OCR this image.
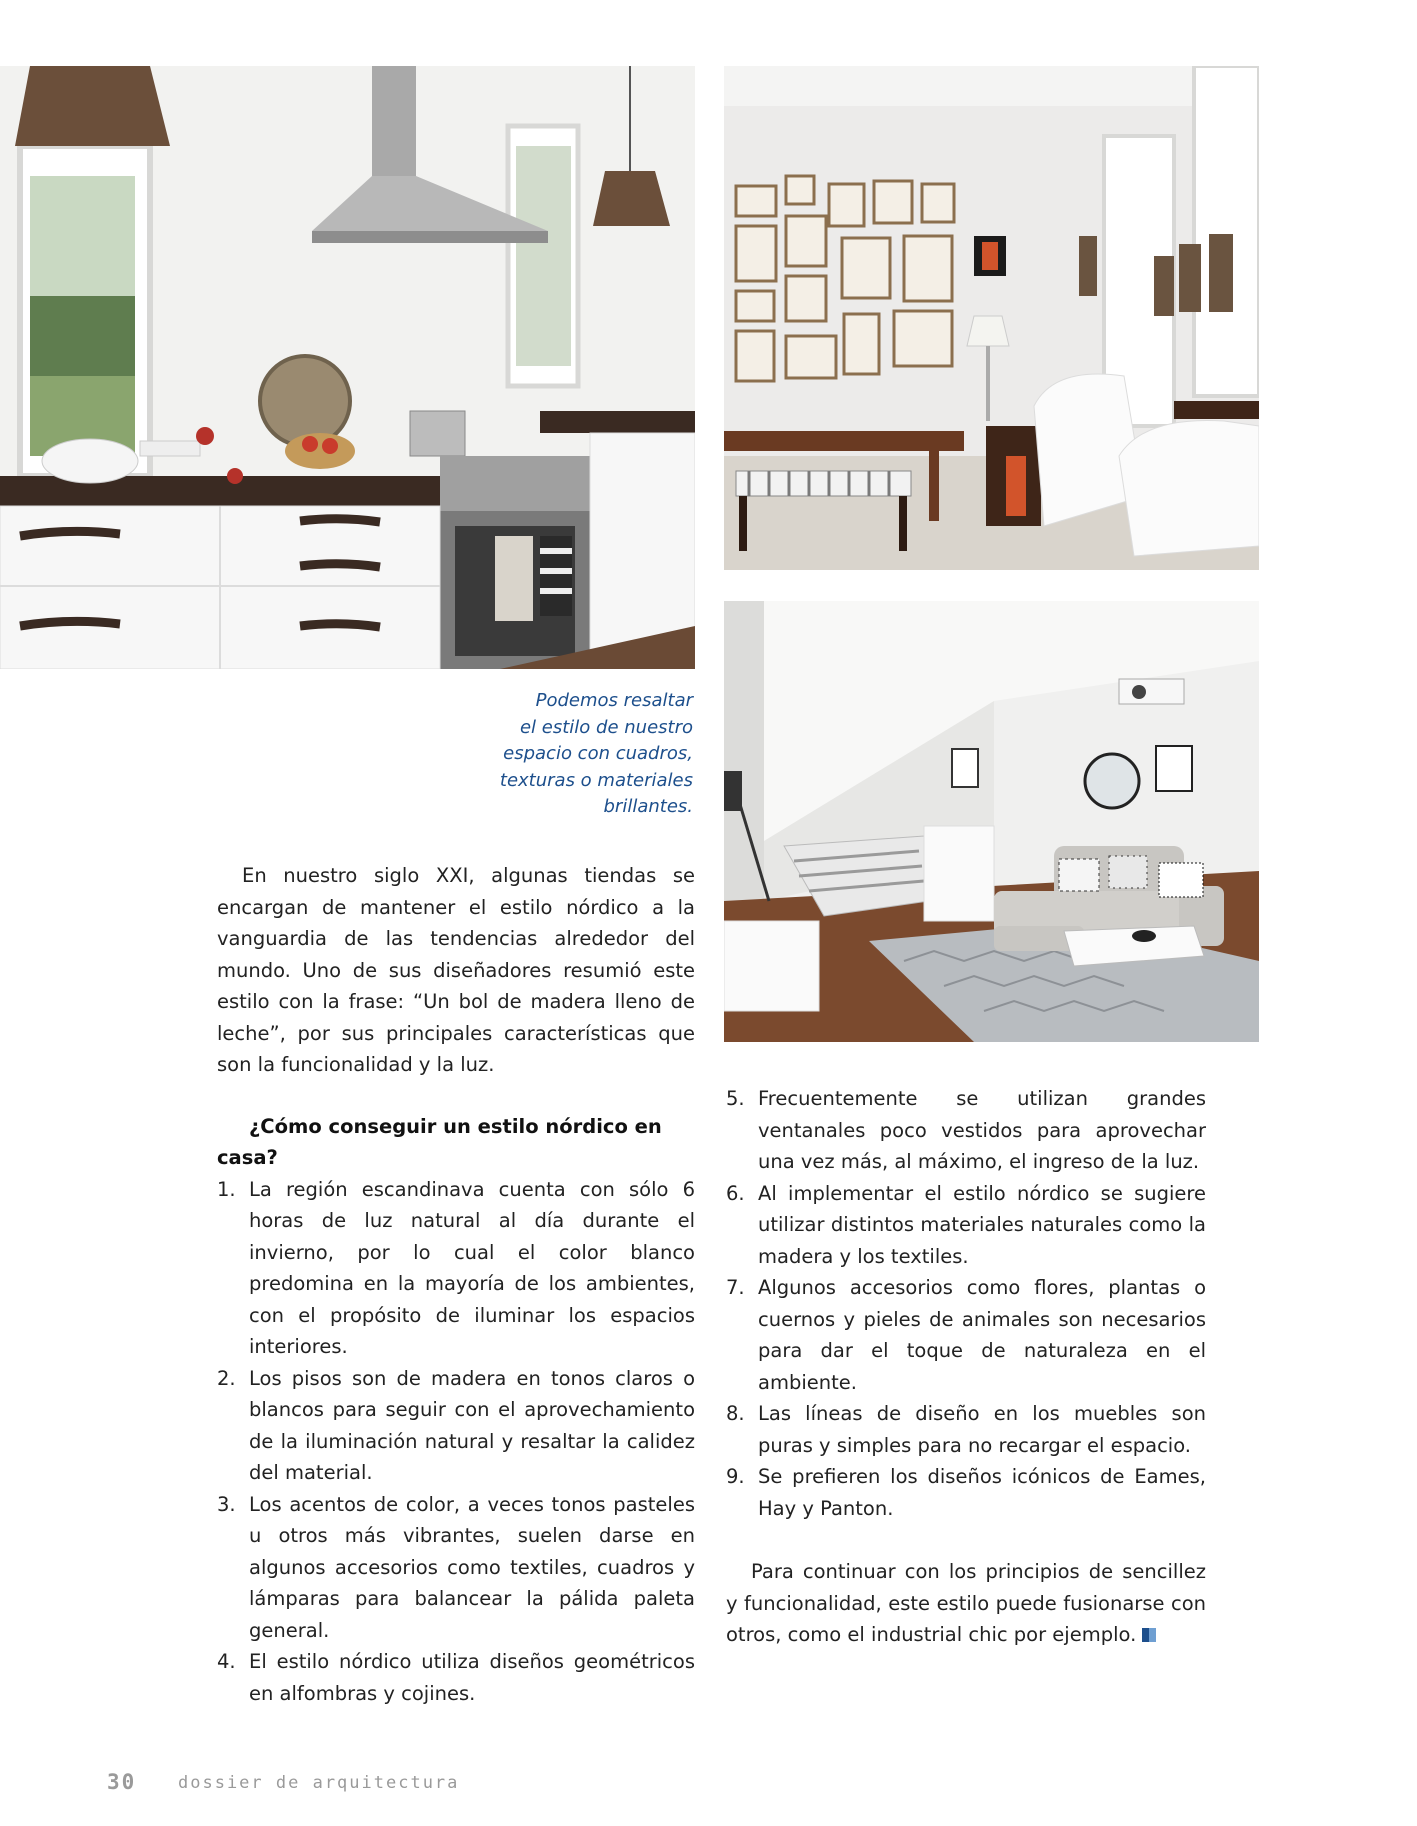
Podemos resaltar
el estilo de nuestro
espacio con cuadros,
texturas o materiales
brillantes.

En nuestro siglo XXI, algunas tiendas se encargan de mantener el estilo nórdico a la vanguardia de las tendencias alrededor del mundo. Uno de sus diseñadores resumió este estilo con la frase: “Un bol de madera lleno de leche”, por sus principales características que son la funcionalidad y la luz.

¿Cómo conseguir un estilo nórdico en casa?

1. La región escandinava cuenta con sólo 6 horas de luz natural al día durante el invierno, por lo cual el color blanco predomina en la mayoría de los ambientes, con el propósito de iluminar los espacios interiores.
2. Los pisos son de madera en tonos claros o blancos para seguir con el aprovechamiento de la iluminación natural y resaltar la calidez del material.
3. Los acentos de color, a veces tonos pasteles u otros más vibrantes, suelen darse en algunos accesorios como textiles, cuadros y lámparas para balancear la pálida paleta general.
4. El estilo nórdico utiliza diseños geométricos en alfombras y cojines.
5. Frecuentemente se utilizan grandes ventanales poco vestidos para aprovechar una vez más, al máximo, el ingreso de la luz.
6. Al implementar el estilo nórdico se sugiere utilizar distintos materiales naturales como la madera y los textiles.
7. Algunos accesorios como flores, plantas o cuernos y pieles de animales son necesarios para dar el toque de naturaleza en el ambiente.
8. Las líneas de diseño en los muebles son puras y simples para no recargar el espacio.
9. Se prefieren los diseños icónicos de Eames, Hay y Panton.

Para continuar con los principios de sencillez y funcionalidad, este estilo puede fusionarse con otros, como el industrial chic por ejemplo.

30 dossier de arquitectura
